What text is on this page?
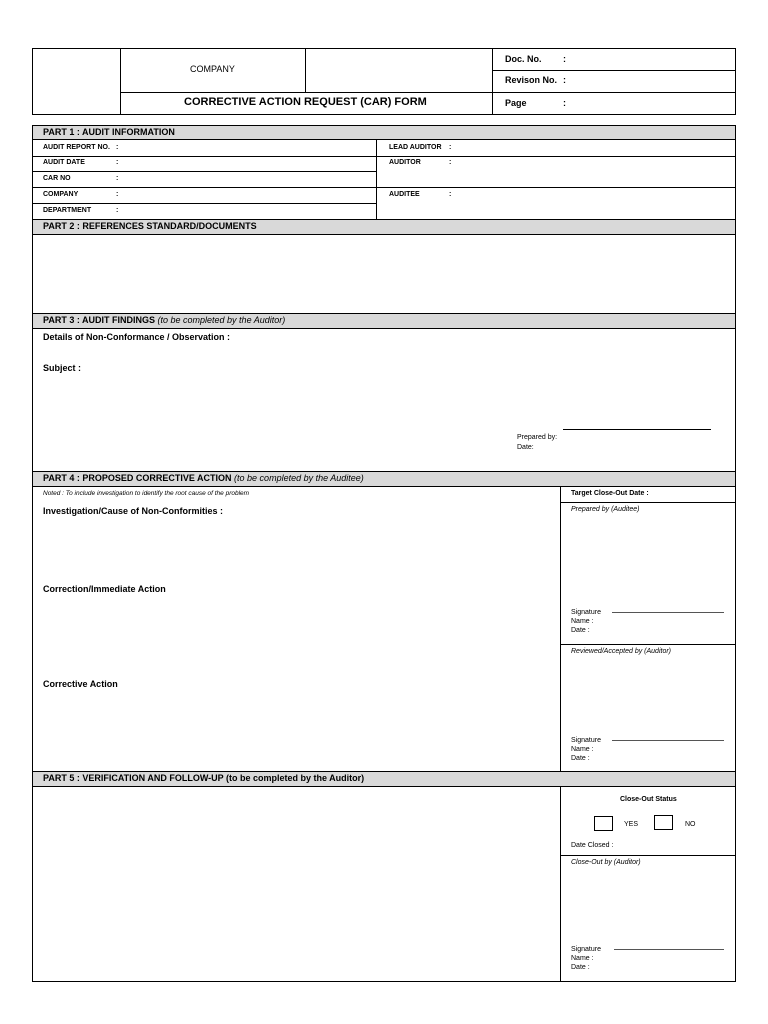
COMPANY
CORRECTIVE ACTION REQUEST (CAR) FORM
Doc. No. :
Revison No. :
Page	:
PART 1 : AUDIT INFORMATION
AUDIT REPORT NO. :
AUDIT DATE	:
CAR NO	:
COMPANY	:
DEPARTMENT	:
LEAD AUDITOR :
AUDITOR	:
AUDITEE	:
PART 2 : REFERENCES STANDARD/DOCUMENTS
PART 3 : AUDIT FINDINGS (to be completed by the Auditor)
Details of Non-Conformance / Observation :
Subject :
Prepared by:
Date:
PART 4 : PROPOSED CORRECTIVE ACTION (to be completed by the Auditee)
Noted : To include investigation to identify the root cause of the problem
Investigation/Cause of Non-Conformities :
Correction/Immediate Action
Corrective Action
Target Close-Out Date :
Prepared by (Auditee)
Signature
Name :
Date :
Reviewed/Accepted by (Auditor)
Signature
Name :
Date :
PART 5 : VERIFICATION AND FOLLOW-UP (to be completed by the Auditor)
Close-Out Status
YES	NO
Date Closed :
Close-Out by (Auditor)
Signature
Name :
Date :
